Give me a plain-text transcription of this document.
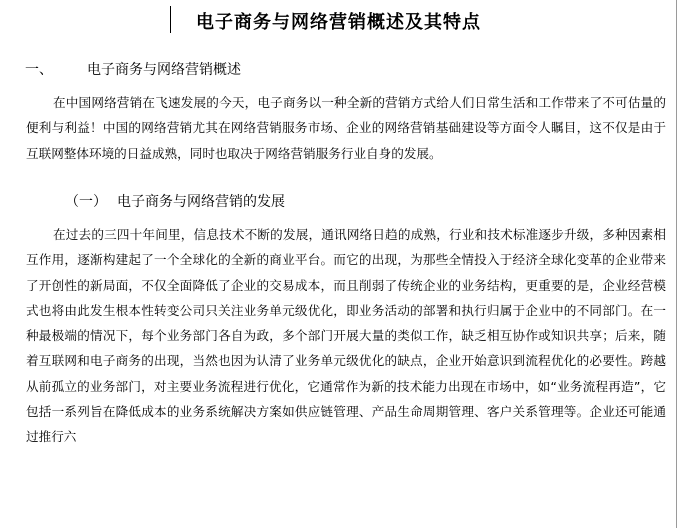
电子商务与网络营销概述及其特点
一、 电子商务与网络营销概述

在中国网络营销在飞速发展的今天，电子商务以一种全新的营销方式给人们日常生活和工作带来了不可估量的便利与利益！中国的网络营销尤其在网络营销服务市场、企业的网络营销基础建设等方面令人瞩目，这不仅是由于互联网整体环境的日益成熟，同时也取决于网络营销服务行业自身的发展。

（一） 电子商务与网络营销的发展

在过去的三四十年间里，信息技术不断的发展，通讯网络日趋的成熟，行业和技术标准逐步升级，多种因素相互作用，逐渐构建起了一个全球化的全新的商业平台。而它的出现，为那些全情投入于经济全球化变革的企业带来了开创性的新局面，不仅全面降低了企业的交易成本，而且削弱了传统企业的业务结构，更重要的是，企业经营模式也将由此发生根本性转变公司只关注业务单元级优化，即业务活动的部署和执行归属于企业中的不同部门。在一种最极端的情况下，每个业务部门各自为政，多个部门开展大量的类似工作，缺乏相互协作或知识共享；后来，随着互联网和电子商务的出现，当然也因为认清了业务单元级优化的缺点，企业开始意识到流程优化的必要性。跨越从前孤立的业务部门，对主要业务流程进行优化，它通常作为新的技术能力出现在市场中，如“业务流程再造”，它包括一系列旨在降低成本的业务系统解决方案如供应链管理、产品生命周期管理、客户关系管理等。企业还可能通过推行六
